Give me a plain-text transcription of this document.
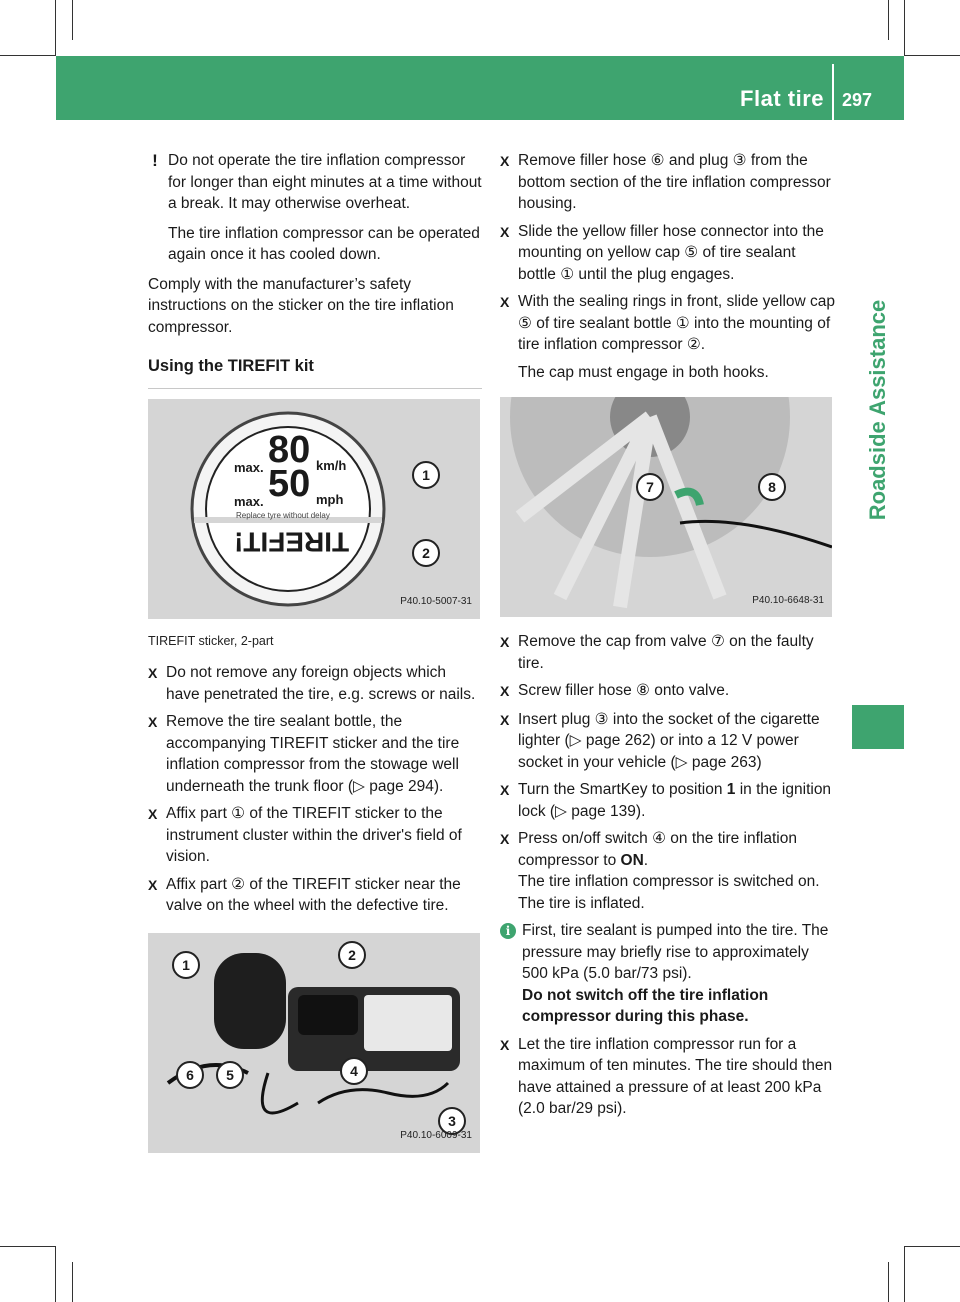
Flat tire 297
Roadside Assistance
! Do not operate the tire inflation compressor for longer than eight minutes at a time without a break. It may otherwise overheat.

The tire inflation compressor can be operated again once it has cooled down.

Comply with the manufacturer’s safety instructions on the sticker on the tire inflation compressor.

Using the TIREFIT kit
max. 80 km/h
max. 50 mph
Replace tyre without delay
TIREFIT!
1
2
P40.10-5007-31
TIREFIT sticker, 2-part
X Do not remove any foreign objects which have penetrated the tire, e.g. screws or nails.
X Remove the tire sealant bottle, the accompanying TIREFIT sticker and the tire inflation compressor from the stowage well underneath the trunk floor (▷ page 294).
X Affix part ① of the TIREFIT sticker to the instrument cluster within the driver's field of vision.
X Affix part ② of the TIREFIT sticker near the valve on the wheel with the defective tire.
1
2
3
4
5
6
P40.10-6009-31
X Remove filler hose ⑥ and plug ③ from the bottom section of the tire inflation compressor housing.
X Slide the yellow filler hose connector into the mounting on yellow cap ⑤ of tire sealant bottle ① until the plug engages.
X With the sealing rings in front, slide yellow cap ⑤ of tire sealant bottle ① into the mounting of tire inflation compressor ②.

The cap must engage in both hooks.

7	8
P40.10-6648-31
X Remove the cap from valve ⑦ on the faulty tire.
X Screw filler hose ⑧ onto valve.
X Insert plug ③ into the socket of the cigarette lighter (▷ page 262) or into a 12 V power socket in your vehicle (▷ page 263)
X Turn the SmartKey to position 1 in the ignition lock (▷ page 139).
X Press on/off switch ④ on the tire inflation compressor to ON.
The tire inflation compressor is switched on. The tire is inflated.
i First, tire sealant is pumped into the tire. The pressure may briefly rise to approximately 500 kPa (5.0 bar/73 psi).
Do not switch off the tire inflation compressor during this phase.
X Let the tire inflation compressor run for a maximum of ten minutes. The tire should then have attained a pressure of at least 200 kPa (2.0 bar/29 psi).
